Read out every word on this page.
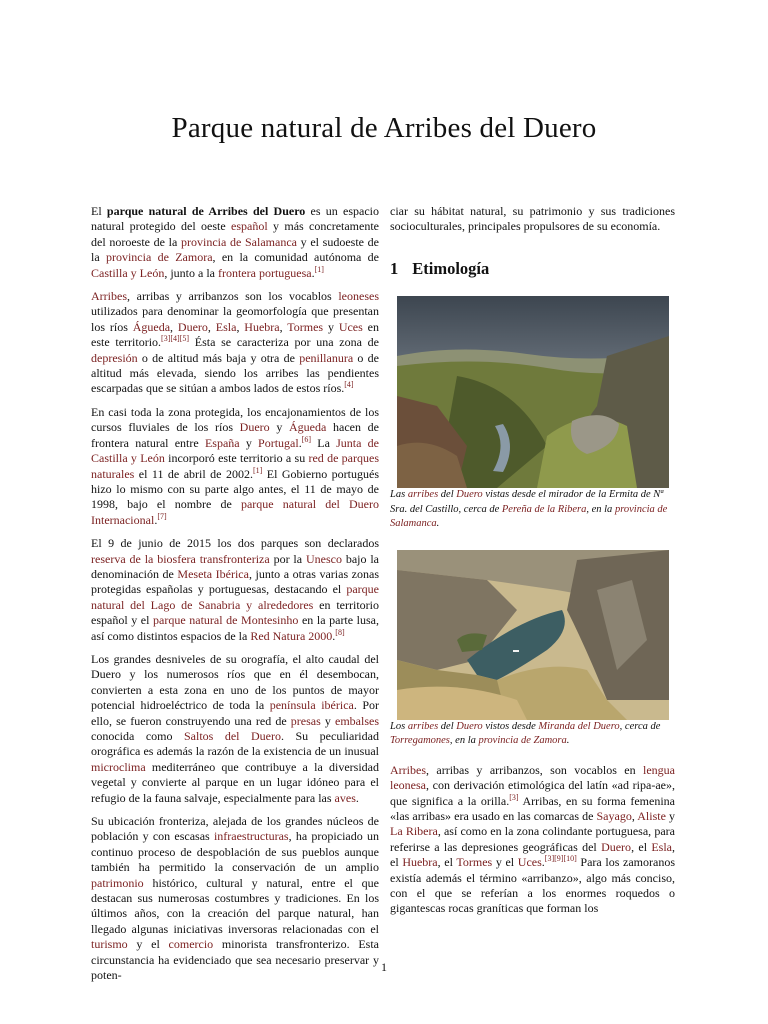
Parque natural de Arribes del Duero

El parque natural de Arribes del Duero es un espacio natural protegido del oeste español y más concretamente del noroeste de la provincia de Salamanca y el sudoeste de la provincia de Zamora, en la comunidad autónoma de Castilla y León, junto a la frontera portuguesa.[1]

Arribes, arribas y arribanzos son los vocablos leoneses utilizados para denominar la geomorfología que presentan los ríos Águeda, Duero, Esla, Huebra, Tormes y Uces en este territorio.[3][4][5] Ésta se caracteriza por una zona de depresión o de altitud más baja y otra de penillanura o de altitud más elevada, siendo los arribes las pendientes escarpadas que se sitúan a ambos lados de estos ríos.[4]

En casi toda la zona protegida, los encajonamientos de los cursos fluviales de los ríos Duero y Águeda hacen de frontera natural entre España y Portugal.[6] La Junta de Castilla y León incorporó este territorio a su red de parques naturales el 11 de abril de 2002.[1] El Gobierno portugués hizo lo mismo con su parte algo antes, el 11 de mayo de 1998, bajo el nombre de parque natural del Duero Internacional.[7]

El 9 de junio de 2015 los dos parques son declarados reserva de la biosfera transfronteriza por la Unesco bajo la denominación de Meseta Ibérica, junto a otras varias zonas protegidas españolas y portuguesas, destacando el parque natural del Lago de Sanabria y alrededores en territorio español y el parque natural de Montesinho en la parte lusa, así como distintos espacios de la Red Natura 2000.[8]

Los grandes desniveles de su orografía, el alto caudal del Duero y los numerosos ríos que en él desembocan, convierten a esta zona en uno de los puntos de mayor potencial hidroeléctrico de toda la península ibérica. Por ello, se fueron construyendo una red de presas y embalses conocida como Saltos del Duero. Su peculiaridad orográfica es además la razón de la existencia de un inusual microclima mediterráneo que contribuye a la diversidad vegetal y convierte al parque en un lugar idóneo para el refugio de la fauna salvaje, especialmente para las aves.

Su ubicación fronteriza, alejada de los grandes núcleos de población y con escasas infraestructuras, ha propiciado un continuo proceso de despoblación de sus pueblos aunque también ha permitido la conservación de un amplio patrimonio histórico, cultural y natural, entre el que destacan sus numerosas costumbres y tradiciones. En los últimos años, con la creación del parque natural, han llegado algunas iniciativas inversoras relacionadas con el turismo y el comercio minorista transfronterizo. Esta circunstancia ha evidenciado que sea necesario preservar y poten-

ciar su hábitat natural, su patrimonio y sus tradiciones socioculturales, principales propulsores de su economía.

1 Etimología

Las arribes del Duero vistas desde el mirador de la Ermita de Nª Sra. del Castillo, cerca de Pereña de la Ribera, en la provincia de Salamanca.

Los arribes del Duero vistos desde Miranda del Duero, cerca de Torregamones, en la provincia de Zamora.

Arribes, arribas y arribanzos, son vocablos en lengua leonesa, con derivación etimológica del latín «ad ripa-ae», que significa a la orilla.[3] Arribas, en su forma femenina «las arribas» era usado en las comarcas de Sayago, Aliste y La Ribera, así como en la zona colindante portuguesa, para referirse a las depresiones geográficas del Duero, el Esla, el Huebra, el Tormes y el Uces.[3][9][10] Para los zamoranos existía además el término «arribanzo», algo más conciso, con el que se referían a los enormes roquedos o gigantescas rocas graníticas que forman los

1
